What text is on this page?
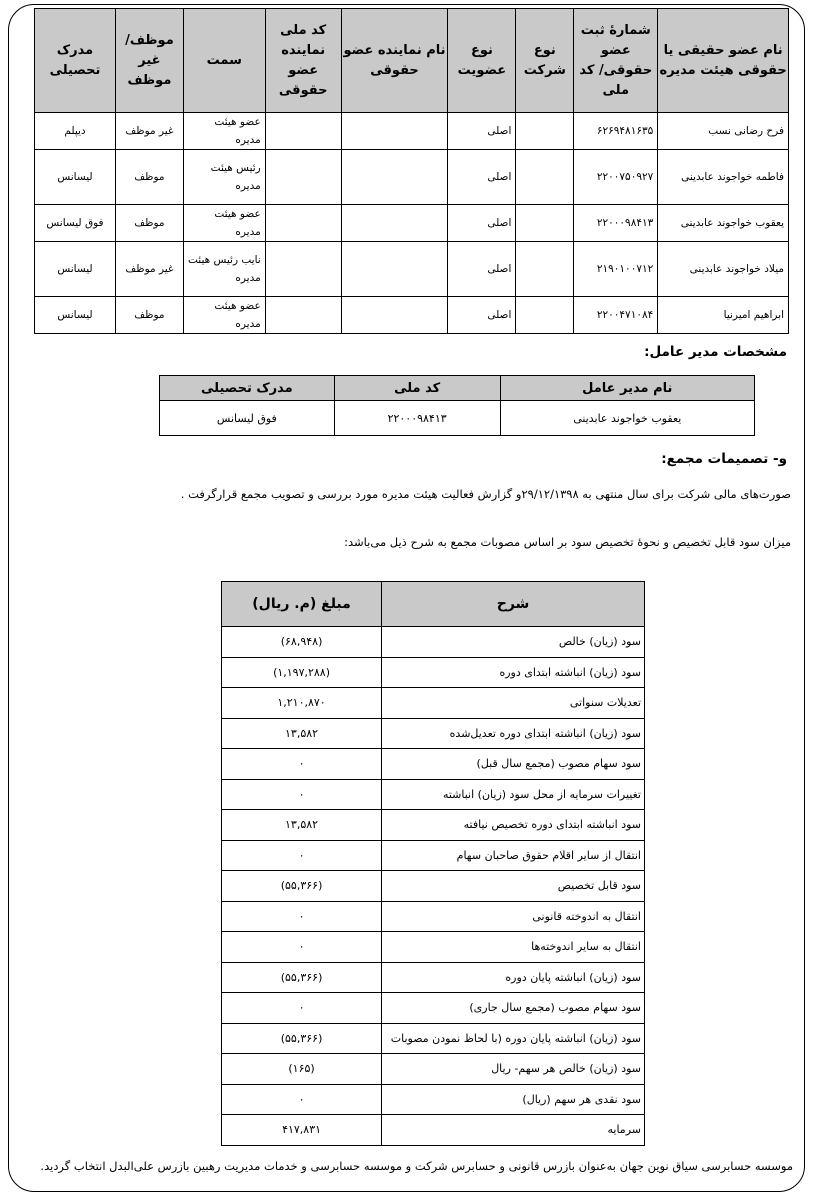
نام عضو حقیقی یا حقوقی هیئت مدیره	شمارهٔ ثبت عضو حقوقی/ کد ملی	نوع شرکت	نوع عضویت	نام نماینده عضو حقوقی	کد ملی نماینده عضو حقوقی	سمت	موظف/غیر موظف	مدرک تحصیلی
فرح رضانی نسب	۶۲۶۹۴۸۱۶۳۵		اصلی			عضو هیئت مدیره	غیر موظف	دیپلم
فاطمه خواجوند عابدینی	۲۲۰۰۷۵۰۹۲۷		اصلی			رئیس هیئت مدیره	موظف	لیسانس
یعقوب خواجوند عابدینی	۲۲۰۰۰۹۸۴۱۳		اصلی			عضو هیئت مدیره	موظف	فوق لیسانس
میلاد خواجوند عابدینی	۲۱۹۰۱۰۰۷۱۲		اصلی			نایب رئیس هیئت مدیره	غیر موظف	لیسانس
ابراهیم امیرنیا	۲۲۰۰۴۷۱۰۸۴		اصلی			عضو هیئت مدیره	موظف	لیسانس
مشخصات مدیر عامل:
نام مدیر عامل	کد ملی	مدرک تحصیلی
یعقوب خواجوند عابدینی	۲۲۰۰۰۹۸۴۱۳	فوق لیسانس
و- تصمیمات مجمع:
صورت‌های مالی شرکت برای سال منتهی به ۲۹/۱۲/۱۳۹۸و گزارش فعالیت هیئت مدیره مورد بررسی و تصویب مجمع قرارگرفت .
میزان سود قابل تخصیص و نحوهٔ تخصیص سود بر اساس مصوبات مجمع به شرح ذیل می‌باشد:
شرح	مبلغ (م. ریال)
سود (زیان) خالص	(۶۸,۹۴۸)
سود (زیان) انباشته ابتدای دوره	(۱,۱۹۷,۲۸۸)
تعدیلات سنواتی	۱,۲۱۰,۸۷۰
سود (زیان) انباشته ابتدای دوره تعدیل‌شده	۱۳,۵۸۲
سود سهام مصوب (مجمع سال قبل)	۰
تغییرات سرمایه از محل سود (زیان) انباشته	۰
سود انباشته ابتدای دوره تخصیص نیافته	۱۳,۵۸۲
انتقال از سایر اقلام حقوق صاحبان سهام	۰
سود قابل تخصیص	(۵۵,۳۶۶)
انتقال به اندوخته قانونی	۰
انتقال به سایر اندوخته‌ها	۰
سود (زیان) انباشته پایان دوره	(۵۵,۳۶۶)
سود سهام مصوب (مجمع سال جاری)	۰
سود (زیان) انباشته پایان دوره (با لحاظ نمودن مصوبات	(۵۵,۳۶۶)
سود (زیان) خالص هر سهم- ریال	(۱۶۵)
سود نقدی هر سهم (ریال)	۰
سرمایه	۴۱۷,۸۳۱
موسسه حسابرسی سیاق نوین جهان به‌عنوان بازرس قانونی و حسابرس شرکت و موسسه حسابرسی و خدمات مدیریت رهبین بازرس علی‌البدل انتخاب گردید.
